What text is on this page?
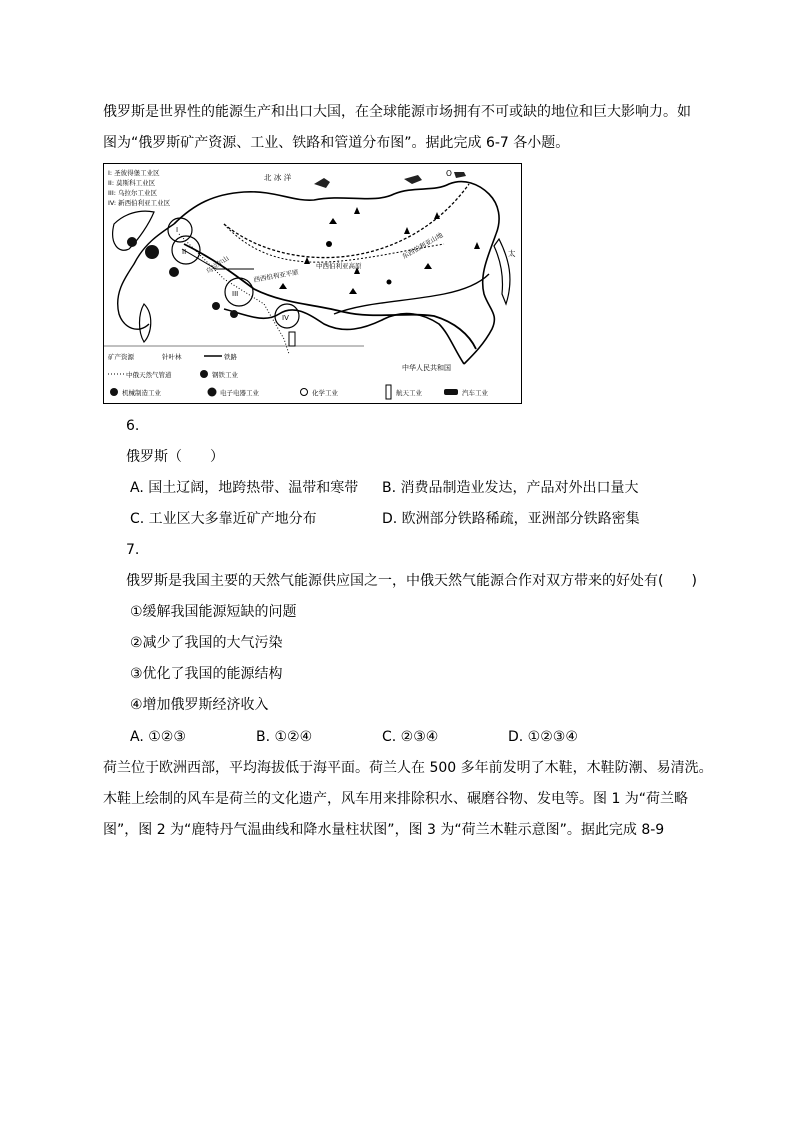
俄罗斯是世界性的能源生产和出口大国，在全球能源市场拥有不可或缺的地位和巨大影响力。如
图为“俄罗斯矿产资源、工业、铁路和管道分布图”。据此完成 6-7 各小题。
I: 圣彼得堡工业区
II: 莫斯科工业区
III: 乌拉尔工业区
IV: 新西伯利亚工业区
I
II
III
IV
北 冰 洋	O
乌拉尔山
西西伯利亚平原
中西伯利亚高原
东西伯利亚山地
中华人民共和国
太
矿产资源	针叶林	铁路
中俄天然气管道	钢铁工业
机械制造工业	电子电器工业	化学工业	航天工业	汽车工业
6.
俄罗斯（　　）
A. 国土辽阔，地跨热带、温带和寒带 B. 消费品制造业发达，产品对外出口量大
C. 工业区大多靠近矿产地分布	D. 欧洲部分铁路稀疏，亚洲部分铁路密集
7.
俄罗斯是我国主要的天然气能源供应国之一，中俄天然气能源合作对双方带来的好处有(　　)
①缓解我国能源短缺的问题
②减少了我国的大气污染
③优化了我国的能源结构
④增加俄罗斯经济收入
A. ①②③	B. ①②④	C. ②③④	D. ①②③④
荷兰位于欧洲西部，平均海拔低于海平面。荷兰人在 500 多年前发明了木鞋，木鞋防潮、易清洗。
木鞋上绘制的风车是荷兰的文化遗产，风车用来排除积水、碾磨谷物、发电等。图 1 为“荷兰略
图”，图 2 为“鹿特丹气温曲线和降水量柱状图”，图 3 为“荷兰木鞋示意图”。据此完成 8-9
